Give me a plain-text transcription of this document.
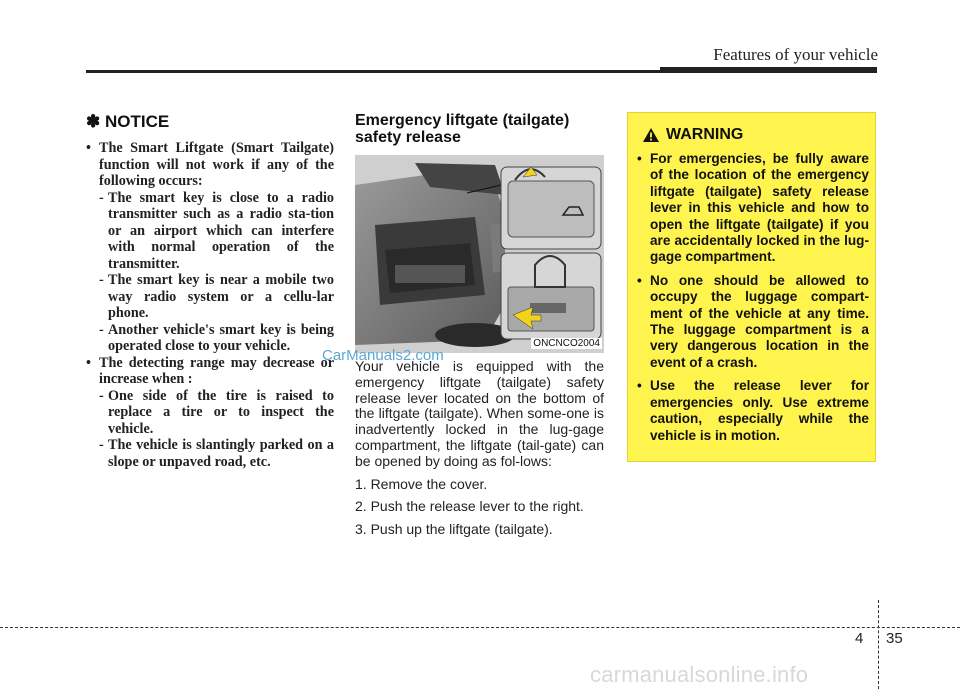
Features of your vehicle
✽ NOTICE
• The Smart Liftgate (Smart Tailgate) function will not work if any of the following occurs:
- The smart key is close to a radio transmitter such as a radio sta-tion or an airport which can interfere with normal operation of the transmitter.
- The smart key is near a mobile two way radio system or a cellu-lar phone.
- Another vehicle's smart key is being operated close to your vehicle.
• The detecting range may decrease or increase when :
- One side of the tire is raised to replace a tire or to inspect the vehicle.
- The vehicle is slantingly parked on a slope or unpaved road, etc.
Emergency liftgate (tailgate)
safety release
ONCNCO2004
Your vehicle is equipped with the emergency liftgate (tailgate) safety release lever located on the bottom of the liftgate (tailgate). When some-one is inadvertently locked in the lug-gage compartment, the liftgate (tail-gate) can be opened by doing as fol-lows:
1. Remove the cover.
2. Push the release lever to the right.
3. Push up the liftgate (tailgate).
CarManuals2.com
WARNING
• For emergencies, be fully aware of the location of the emergency liftgate (tailgate) safety release lever in this vehicle and how to open the liftgate (tailgate) if you are accidentally locked in the lug-gage compartment.
• No one should be allowed to occupy the luggage compart-ment of the vehicle at any time. The luggage compartment is a very dangerous location in the event of a crash.
• Use the release lever for emergencies only. Use extreme caution, especially while the vehicle is in motion.
4 35
carmanualsonline.info
